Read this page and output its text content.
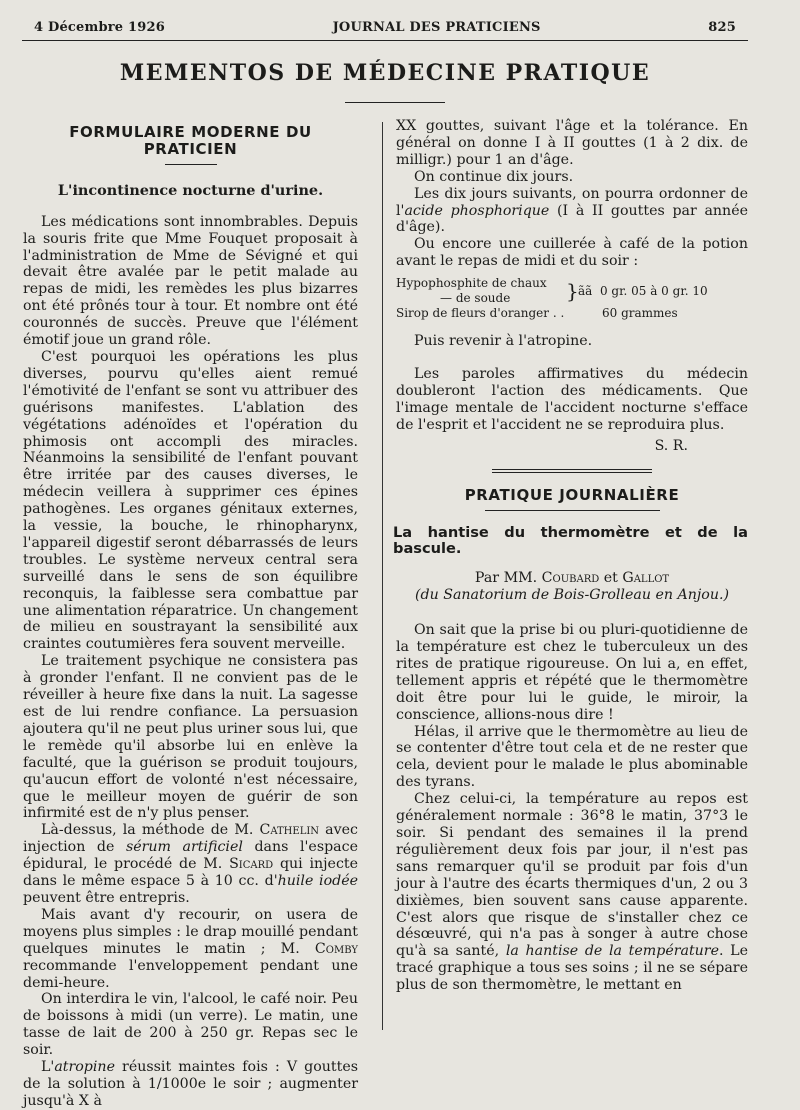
4 Décembre 1926	JOURNAL DES PRATICIENS	825
MEMENTOS DE MÉDECINE PRATIQUE
FORMULAIRE MODERNE DU PRATICIEN
L'incontinence nocturne d'urine.

Les médications sont innombrables. Depuis la souris frite que Mme Fouquet proposait à l'administration de Mme de Sévigné et qui devait être avalée par le petit malade au repas de midi, les remèdes les plus bizarres ont été prônés tour à tour. Et nombre ont été couronnés de succès. Preuve que l'élément émotif joue un grand rôle.

C'est pourquoi les opérations les plus diverses, pourvu qu'elles aient remué l'émotivité de l'enfant se sont vu attribuer des guérisons manifestes. L'ablation des végétations adénoïdes et l'opération du phimosis ont accompli des miracles. Néanmoins la sensibilité de l'enfant pouvant être irritée par des causes diverses, le médecin veillera à supprimer ces épines pathogènes. Les organes génitaux externes, la vessie, la bouche, le rhinopharynx, l'appareil digestif seront débarrassés de leurs troubles. Le système nerveux central sera surveillé dans le sens de son équilibre reconquis, la faiblesse sera combattue par une alimentation réparatrice. Un changement de milieu en soustrayant la sensibilité aux craintes coutumières fera souvent merveille.

Le traitement psychique ne consistera pas à gronder l'enfant. Il ne convient pas de le réveiller à heure fixe dans la nuit. La sagesse est de lui rendre confiance. La persuasion ajoutera qu'il ne peut plus uriner sous lui, que le remède qu'il absorbe lui en enlève la faculté, que la guérison se produit toujours, qu'aucun effort de volonté n'est nécessaire, que le meilleur moyen de guérir de son infirmité est de n'y plus penser.

Là-dessus, la méthode de M. Cathelin avec injection de sérum artificiel dans l'espace épidural, le procédé de M. Sicard qui injecte dans le même espace 5 à 10 cc. d'huile iodée peuvent être entrepris.

Mais avant d'y recourir, on usera de moyens plus simples : le drap mouillé pendant quelques minutes le matin ; M. Comby recommande l'enveloppement pendant une demi-heure.

On interdira le vin, l'alcool, le café noir. Peu de boissons à midi (un verre). Le matin, une tasse de lait de 200 à 250 gr. Repas sec le soir.

L'atropine réussit maintes fois : V gouttes de la solution à 1/1000e le soir ; augmenter jusqu'à X à

XX gouttes, suivant l'âge et la tolérance. En général on donne I à II gouttes (1 à 2 dix. de milligr.) pour 1 an d'âge.

On continue dix jours.

Les dix jours suivants, on pourra ordonner de l'acide phosphorique (I à II gouttes par année d'âge).

Ou encore une cuillerée à café de la potion avant le repas de midi et du soir :

Hypophosphite de chaux
— de soude	} ãã 0 gr. 05 à 0 gr. 10
Sirop de fleurs d'oranger . .	60 grammes

Puis revenir à l'atropine.

Les paroles affirmatives du médecin doubleront l'action des médicaments. Que l'image mentale de l'accident nocturne s'efface de l'esprit et l'accident ne se reproduira plus.

S. R.
PRATIQUE JOURNALIÈRE
La hantise du thermomètre et de la bascule.
Par MM. Coubard et Gallot
(du Sanatorium de Bois-Grolleau en Anjou.)

On sait que la prise bi ou pluri-quotidienne de la température est chez le tuberculeux un des rites de pratique rigoureuse. On lui a, en effet, tellement appris et répété que le thermomètre doit être pour lui le guide, le miroir, la conscience, allions-nous dire !

Hélas, il arrive que le thermomètre au lieu de se contenter d'être tout cela et de ne rester que cela, devient pour le malade le plus abominable des tyrans.

Chez celui-ci, la température au repos est généralement normale : 36°8 le matin, 37°3 le soir. Si pendant des semaines il la prend régulièrement deux fois par jour, il n'est pas sans remarquer qu'il se produit par fois d'un jour à l'autre des écarts thermiques d'un, 2 ou 3 dixièmes, bien souvent sans cause apparente. C'est alors que risque de s'installer chez ce désœuvré, qui n'a pas à songer à autre chose qu'à sa santé, la hantise de la température. Le tracé graphique a tous ses soins ; il ne se sépare plus de son thermomètre, le mettant en
